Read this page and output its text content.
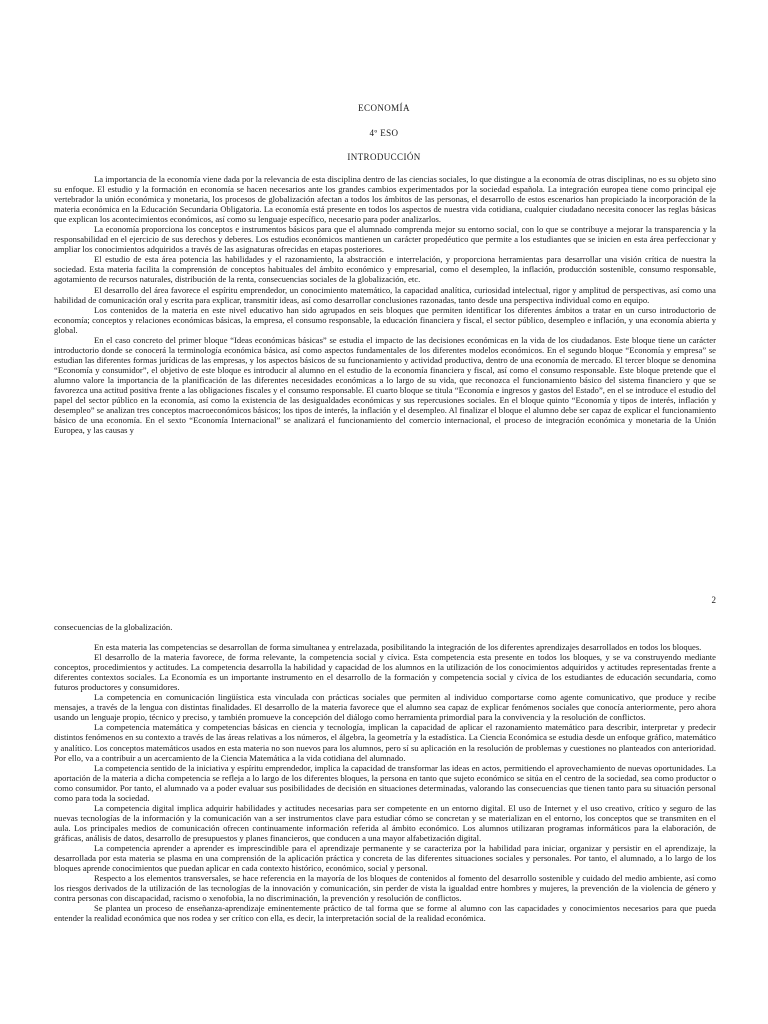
ECONOMÍA

4º ESO

INTRODUCCIÓN

La importancia de la economía viene dada por la relevancia de esta disciplina dentro de las ciencias sociales, lo que distingue a la economía de otras disciplinas, no es su objeto sino su enfoque. El estudio y la formación en economía se hacen necesarios ante los grandes cambios experimentados por la sociedad española. La integración europea tiene como principal eje vertebrador la unión económica y monetaria, los procesos de globalización afectan a todos los ámbitos de las personas, el desarrollo de estos escenarios han propiciado la incorporación de la materia económica en la Educación Secundaria Obligatoria. La economía está presente en todos los aspectos de nuestra vida cotidiana, cualquier ciudadano necesita conocer las reglas básicas que explican los acontecimientos económicos, así como su lenguaje específico, necesario para poder analizarlos.

La economía proporciona los conceptos e instrumentos básicos para que el alumnado comprenda mejor su entorno social, con lo que se contribuye a mejorar la transparencia y la responsabilidad en el ejercicio de sus derechos y deberes. Los estudios económicos mantienen un carácter propedéutico que permite a los estudiantes que se inicien en esta área perfeccionar y ampliar los conocimientos adquiridos a través de las asignaturas ofrecidas en etapas posteriores.

El estudio de esta área potencia las habilidades y el razonamiento, la abstracción e interrelación, y proporciona herramientas para desarrollar una visión crítica de nuestra la sociedad. Esta materia facilita la comprensión de conceptos habituales del ámbito económico y empresarial, como el desempleo, la inflación, producción sostenible, consumo responsable, agotamiento de recursos naturales, distribución de la renta, consecuencias sociales de la globalización, etc.

El desarrollo del área favorece el espíritu emprendedor, un conocimiento matemático, la capacidad analítica, curiosidad intelectual, rigor y amplitud de perspectivas, así como una habilidad de comunicación oral y escrita para explicar, transmitir ideas, así como desarrollar conclusiones razonadas, tanto desde una perspectiva individual como en equipo.

Los contenidos de la materia en este nivel educativo han sido agrupados en seis bloques que permiten identificar los diferentes ámbitos a tratar en un curso introductorio de economía; conceptos y relaciones económicas básicas, la empresa, el consumo responsable, la educación financiera y fiscal, el sector público, desempleo e inflación, y una economía abierta y global.

En el caso concreto del primer bloque “Ideas económicas básicas” se estudia el impacto de las decisiones económicas en la vida de los ciudadanos. Este bloque tiene un carácter introductorio donde se conocerá la terminología económica básica, así como aspectos fundamentales de los diferentes modelos económicos. En el segundo bloque “Economía y empresa” se estudian las diferentes formas jurídicas de las empresas, y los aspectos básicos de su funcionamiento y actividad productiva, dentro de una economía de mercado. El tercer bloque se denomina “Economía y consumidor”, el objetivo de este bloque es introducir al alumno en el estudio de la economía financiera y fiscal, así como el consumo responsable. Este bloque pretende que el alumno valore la importancia de la planificación de las diferentes necesidades económicas a lo largo de su vida, que reconozca el funcionamiento básico del sistema financiero y que se favorezca una actitud positiva frente a las obligaciones fiscales y el consumo responsable. El cuarto bloque se titula “Economía e ingresos y gastos del Estado”, en el se introduce el estudio del papel del sector público en la economía, así como la existencia de las desigualdades económicas y sus repercusiones sociales. En el bloque quinto “Economía y tipos de interés, inflación y desempleo” se analizan tres conceptos macroeconómicos básicos; los tipos de interés, la inflación y el desempleo. Al finalizar el bloque el alumno debe ser capaz de explicar el funcionamiento básico de una economía. En el sexto “Economía Internacional” se analizará el funcionamiento del comercio internacional, el proceso de integración económica y monetaria de la Unión Europea, y las causas y

2

consecuencias de la globalización.

En esta materia las competencias se desarrollan de forma simultanea y entrelazada, posibilitando la integración de los diferentes aprendizajes desarrollados en todos los bloques.

El desarrollo de la materia favorece, de forma relevante, la competencia social y cívica. Esta competencia esta presente en todos los bloques, y se va construyendo mediante conceptos, procedimientos y actitudes. La competencia desarrolla la habilidad y capacidad de los alumnos en la utilización de los conocimientos adquiridos y actitudes representadas frente a diferentes contextos sociales. La Economía es un importante instrumento en el desarrollo de la formación y competencia social y cívica de los estudiantes de educación secundaria, como futuros productores y consumidores.

La competencia en comunicación lingüística esta vinculada con prácticas sociales que permiten al individuo comportarse como agente comunicativo, que produce y recibe mensajes, a través de la lengua con distintas finalidades. El desarrollo de la materia favorece que el alumno sea capaz de explicar fenómenos sociales que conocía anteriormente, pero ahora usando un lenguaje propio, técnico y preciso, y también promueve la concepción del diálogo como herramienta primordial para la convivencia y la resolución de conflictos.

La competencia matemática y competencias básicas en ciencia y tecnología, implican la capacidad de aplicar el razonamiento matemático para describir, interpretar y predecir distintos fenómenos en su contexto a través de las áreas relativas a los números, el álgebra, la geometría y la estadística. La Ciencia Económica se estudia desde un enfoque gráfico, matemático y analítico. Los conceptos matemáticos usados en esta materia no son nuevos para los alumnos, pero sí su aplicación en la resolución de problemas y cuestiones no planteados con anterioridad. Por ello, va a contribuir a un acercamiento de la Ciencia Matemática a la vida cotidiana del alumnado.

La competencia sentido de la iniciativa y espíritu emprendedor, implica la capacidad de transformar las ideas en actos, permitiendo el aprovechamiento de nuevas oportunidades. La aportación de la materia a dicha competencia se refleja a lo largo de los diferentes bloques, la persona en tanto que sujeto económico se sitúa en el centro de la sociedad, sea como productor o como consumidor. Por tanto, el alumnado va a poder evaluar sus posibilidades de decisión en situaciones determinadas, valorando las consecuencias que tienen tanto para su situación personal como para toda la sociedad.

La competencia digital implica adquirir habilidades y actitudes necesarias para ser competente en un entorno digital. El uso de Internet y el uso creativo, crítico y seguro de las nuevas tecnologías de la información y la comunicación van a ser instrumentos clave para estudiar cómo se concretan y se materializan en el entorno, los conceptos que se transmiten en el aula. Los principales medios de comunicación ofrecen continuamente información referida al ámbito económico. Los alumnos utilizaran programas informáticos para la elaboración, de gráficas, análisis de datos, desarrollo de presupuestos y planes financieros, que conducen a una mayor alfabetización digital.

La competencia aprender a aprender es imprescindible para el aprendizaje permanente y se caracteriza por la habilidad para iniciar, organizar y persistir en el aprendizaje, la desarrollada por esta materia se plasma en una comprensión de la aplicación práctica y concreta de las diferentes situaciones sociales y personales. Por tanto, el alumnado, a lo largo de los bloques aprende conocimientos que puedan aplicar en cada contexto histórico, económico, social y personal.

Respecto a los elementos transversales, se hace referencia en la mayoría de los bloques de contenidos al fomento del desarrollo sostenible y cuidado del medio ambiente, así como los riesgos derivados de la utilización de las tecnologías de la innovación y comunicación, sin perder de vista la igualdad entre hombres y mujeres, la prevención de la violencia de género y contra personas con discapacidad, racismo o xenofobia, la no discriminación, la prevención y resolución de conflictos.

Se plantea un proceso de enseñanza-aprendizaje eminentemente práctico de tal forma que se forme al alumno con las capacidades y conocimientos necesarios para que pueda entender la realidad económica que nos rodea y ser crítico con ella, es decir, la interpretación social de la realidad económica.
